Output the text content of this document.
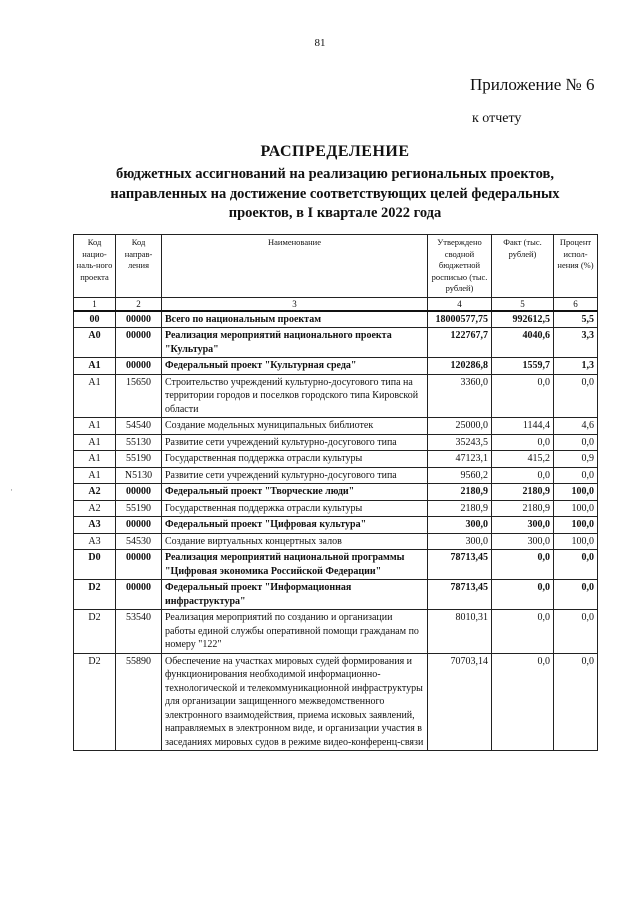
81
Приложение № 6
к отчету
РАСПРЕДЕЛЕНИЕ
бюджетных ассигнований на реализацию региональных проектов,
направленных на достижение соответствующих целей федеральных
проектов, в I квартале 2022 года
Код нацио-наль-ного проекта	Код направ-ления	Наименование	Утверждено сводной бюджетной росписью (тыс. рублей)	Факт (тыс. рублей)	Процент испол-нения (%)
1	2	3	4	5	6
00	00000	Всего по национальным проектам	18000577,75	992612,5	5,5
А0	00000	Реализация мероприятий национального проекта "Культура"	122767,7	4040,6	3,3
А1	00000	Федеральный проект "Культурная среда"	120286,8	1559,7	1,3
А1	15650	Строительство учреждений культурно-досугового типа на территории городов и поселков городского типа Кировской области	3360,0	0,0	0,0
А1	54540	Создание модельных муниципальных библиотек	25000,0	1144,4	4,6
А1	55130	Развитие сети учреждений культурно-досугового типа	35243,5	0,0	0,0
А1	55190	Государственная поддержка отрасли культуры	47123,1	415,2	0,9
А1	N5130	Развитие сети учреждений культурно-досугового типа	9560,2	0,0	0,0
А2	00000	Федеральный проект "Творческие люди"	2180,9	2180,9	100,0
А2	55190	Государственная поддержка отрасли культуры	2180,9	2180,9	100,0
А3	00000	Федеральный проект "Цифровая культура"	300,0	300,0	100,0
А3	54530	Создание виртуальных концертных залов	300,0	300,0	100,0
D0	00000	Реализация мероприятий национальной программы "Цифровая экономика Российской Федерации"	78713,45	0,0	0,0
D2	00000	Федеральный проект "Информационная инфраструктура"	78713,45	0,0	0,0
D2	53540	Реализация мероприятий по созданию и организации работы единой службы оперативной помощи гражданам по номеру "122"	8010,31	0,0	0,0
D2	55890	Обеспечение на участках мировых судей формирования и функционирования необходимой информационно-технологической и телекоммуникационной инфраструктуры для организации защищенного межведомственного электронного взаимодействия, приема исковых заявлений, направляемых в электронном виде, и организации участия в заседаниях мировых судов в режиме видео-конференц-связи	70703,14	0,0	0,0
·
